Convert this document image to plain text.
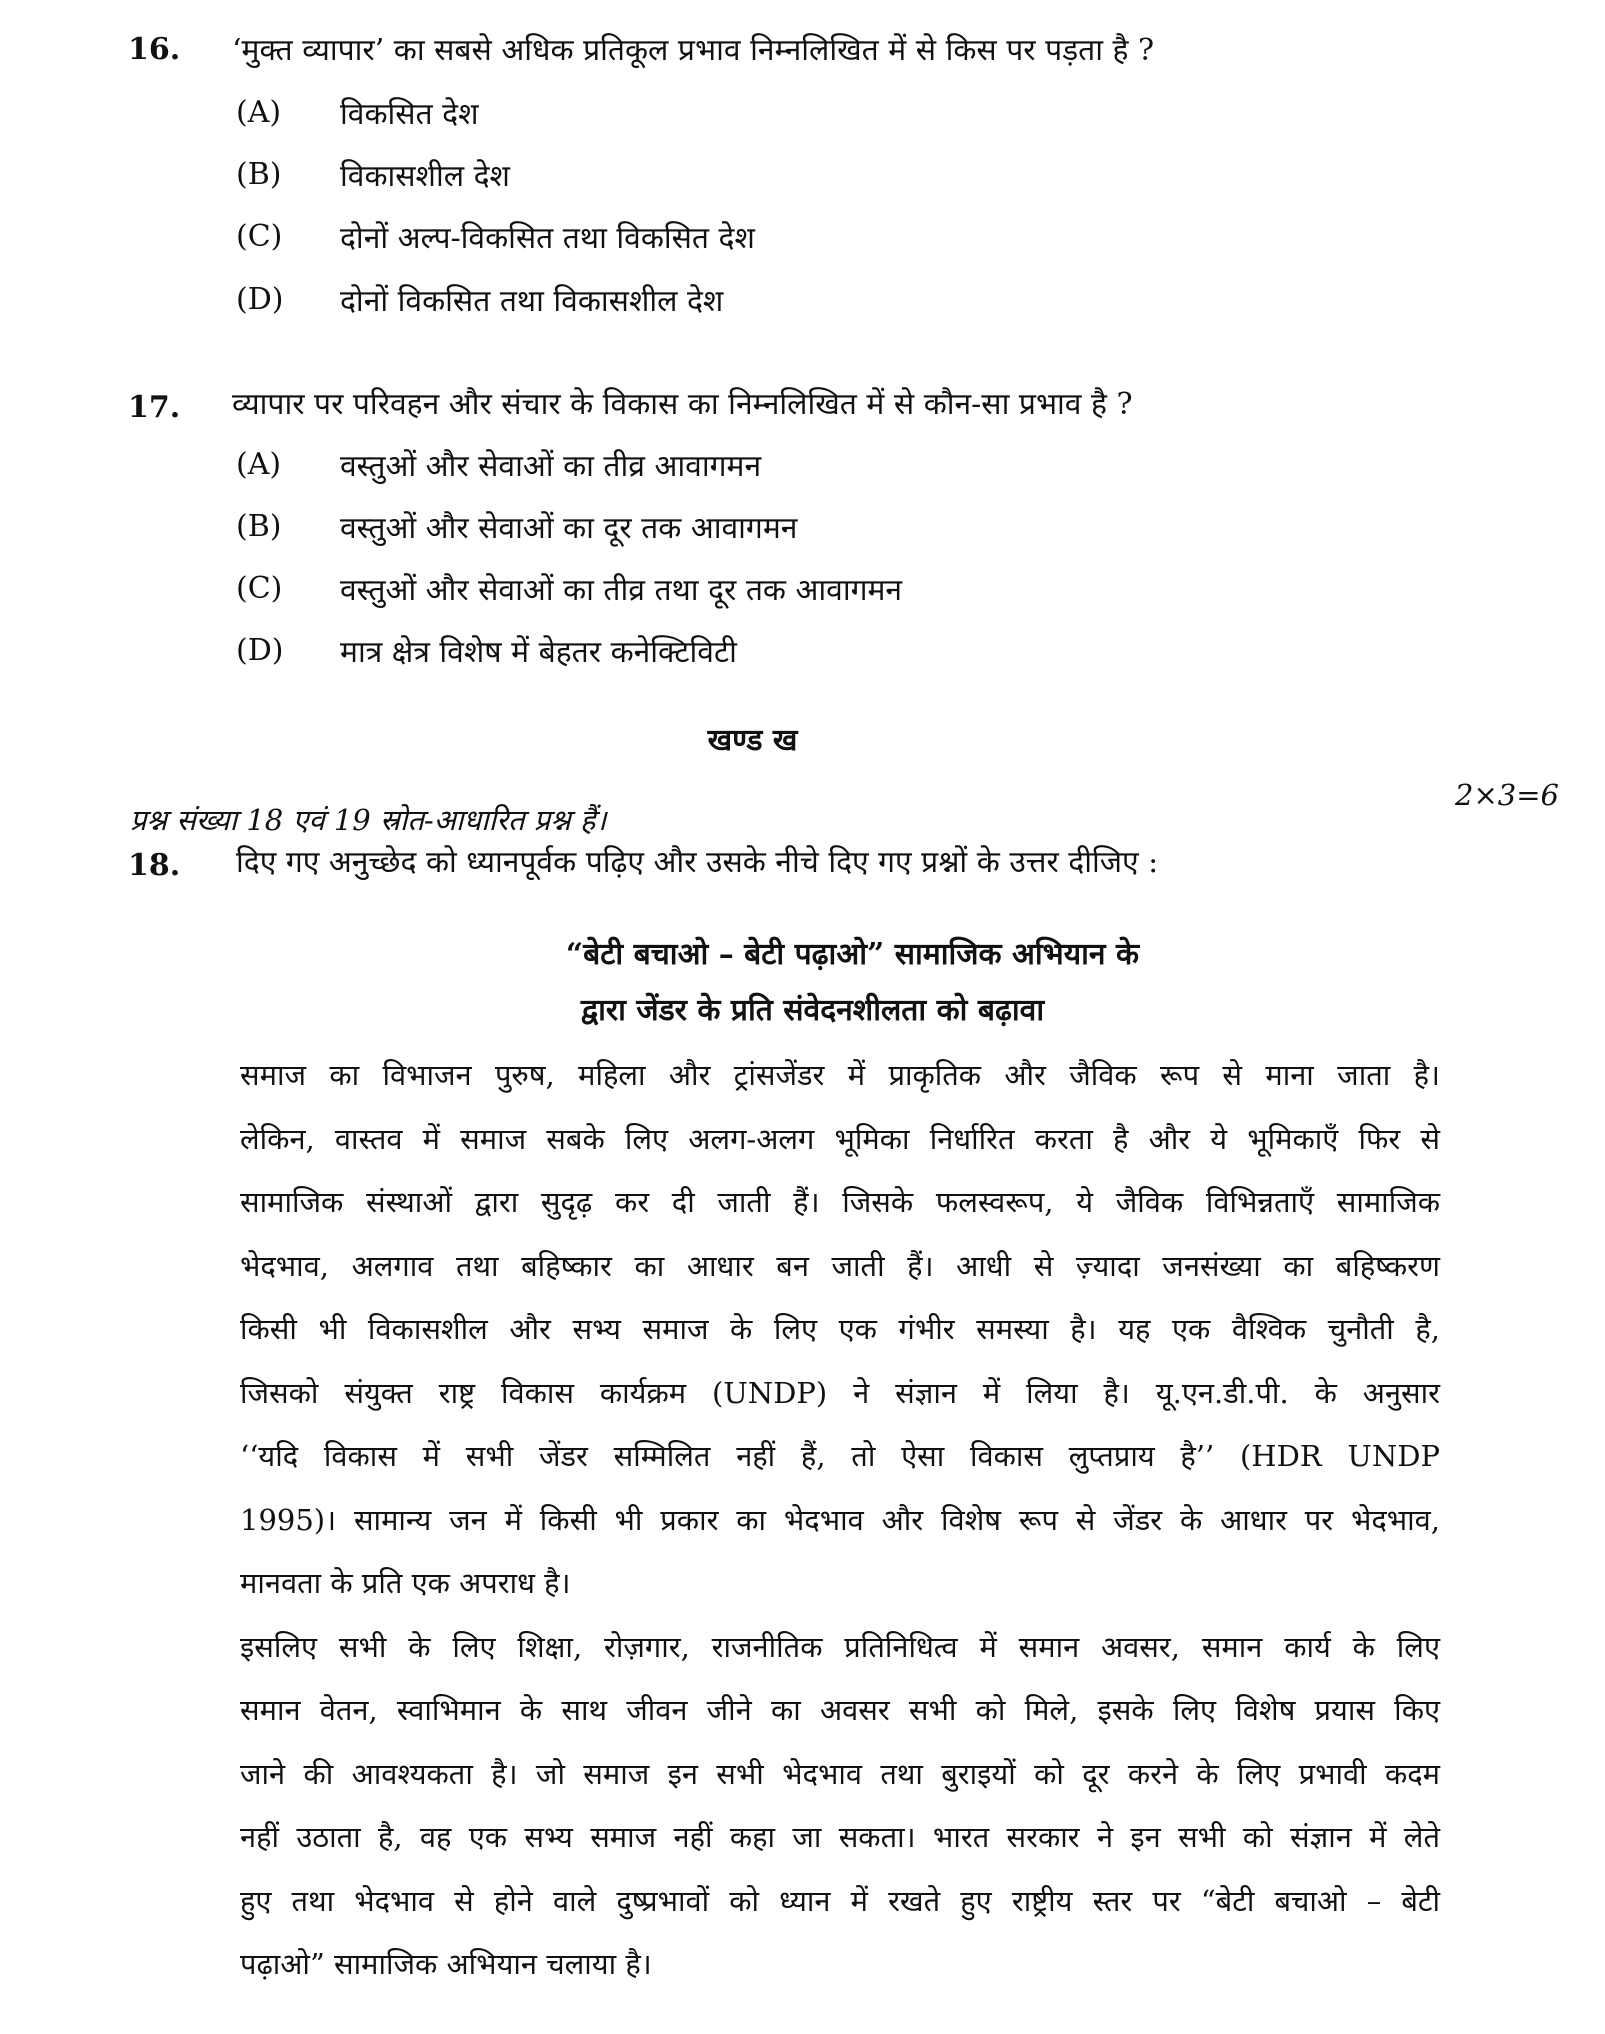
16. ‘मुक्त व्यापार’ का सबसे अधिक प्रतिकूल प्रभाव निम्नलिखित में से किस पर पड़ता है ?
(A) विकसित देश
(B) विकासशील देश
(C) दोनों अल्प-विकसित तथा विकसित देश
(D) दोनों विकसित तथा विकासशील देश
17. व्यापार पर परिवहन और संचार के विकास का निम्नलिखित में से कौन-सा प्रभाव है ?
(A) वस्तुओं और सेवाओं का तीव्र आवागमन
(B) वस्तुओं और सेवाओं का दूर तक आवागमन
(C) वस्तुओं और सेवाओं का तीव्र तथा दूर तक आवागमन
(D) मात्र क्षेत्र विशेष में बेहतर कनेक्टिविटी
खण्ड ख
प्रश्न संख्या 18 एवं 19 स्रोत-आधारित प्रश्न हैं।
2×3=6
18. दिए गए अनुच्छेद को ध्यानपूर्वक पढ़िए और उसके नीचे दिए गए प्रश्नों के उत्तर दीजिए :
“बेटी बचाओ – बेटी पढ़ाओ” सामाजिक अभियान के
द्वारा जेंडर के प्रति संवेदनशीलता को बढ़ावा
समाज का विभाजन पुरुष, महिला और ट्रांसजेंडर में प्राकृतिक और जैविक रूप से माना जाता है।
लेकिन, वास्तव में समाज सबके लिए अलग-अलग भूमिका निर्धारित करता है और ये भूमिकाएँ फिर से
सामाजिक संस्थाओं द्वारा सुदृढ़ कर दी जाती हैं। जिसके फलस्वरूप, ये जैविक विभिन्नताएँ सामाजिक
भेदभाव, अलगाव तथा बहिष्कार का आधार बन जाती हैं। आधी से ज़्यादा जनसंख्या का बहिष्करण
किसी भी विकासशील और सभ्य समाज के लिए एक गंभीर समस्या है। यह एक वैश्विक चुनौती है,
जिसको संयुक्त राष्ट्र विकास कार्यक्रम (UNDP) ने संज्ञान में लिया है। यू.एन.डी.पी. के अनुसार
‘‘यदि विकास में सभी जेंडर सम्मिलित नहीं हैं, तो ऐसा विकास लुप्तप्राय है’’ (HDR UNDP
1995)। सामान्य जन में किसी भी प्रकार का भेदभाव और विशेष रूप से जेंडर के आधार पर भेदभाव,
मानवता के प्रति एक अपराध है।
इसलिए सभी के लिए शिक्षा, रोज़गार, राजनीतिक प्रतिनिधित्व में समान अवसर, समान कार्य के लिए
समान वेतन, स्वाभिमान के साथ जीवन जीने का अवसर सभी को मिले, इसके लिए विशेष प्रयास किए
जाने की आवश्यकता है। जो समाज इन सभी भेदभाव तथा बुराइयों को दूर करने के लिए प्रभावी कदम
नहीं उठाता है, वह एक सभ्य समाज नहीं कहा जा सकता। भारत सरकार ने इन सभी को संज्ञान में लेते
हुए तथा भेदभाव से होने वाले दुष्प्रभावों को ध्यान में रखते हुए राष्ट्रीय स्तर पर “बेटी बचाओ – बेटी
पढ़ाओ” सामाजिक अभियान चलाया है।
